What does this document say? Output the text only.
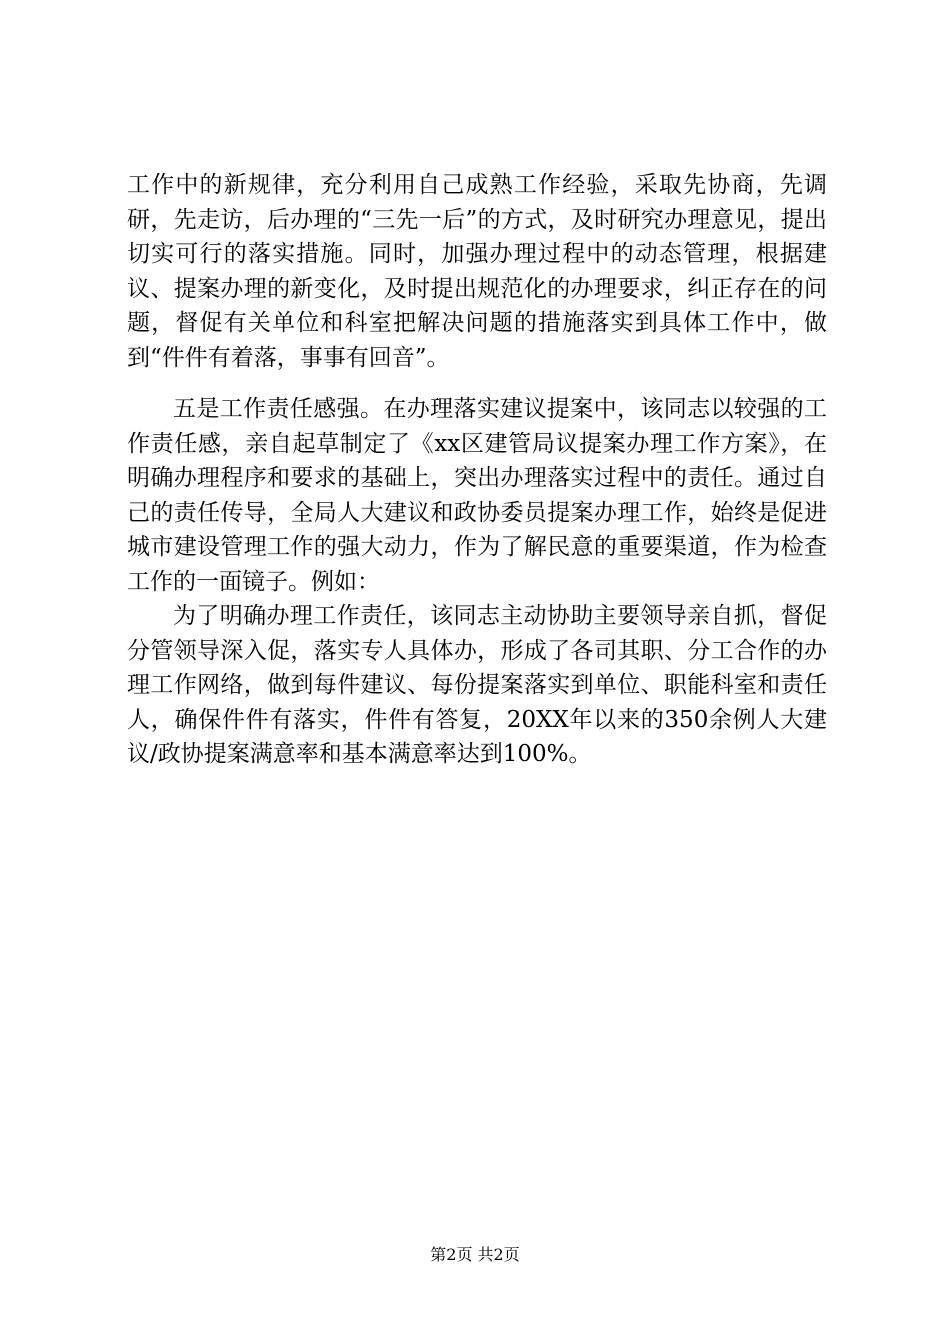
工作中的新规律，充分利用自己成熟工作经验，采取先协商，先调研，先走访，后办理的“三先一后”的方式，及时研究办理意见，提出切实可行的落实措施。同时，加强办理过程中的动态管理，根据建议、提案办理的新变化，及时提出规范化的办理要求，纠正存在的问题，督促有关单位和科室把解决问题的措施落实到具体工作中，做到“件件有着落，事事有回音”。

五是工作责任感强。在办理落实建议提案中，该同志以较强的工作责任感，亲自起草制定了《xx区建管局议提案办理工作方案》，在明确办理程序和要求的基础上，突出办理落实过程中的责任。通过自己的责任传导，全局人大建议和政协委员提案办理工作，始终是促进城市建设管理工作的强大动力，作为了解民意的重要渠道，作为检查工作的一面镜子。例如：

为了明确办理工作责任，该同志主动协助主要领导亲自抓，督促分管领导深入促，落实专人具体办，形成了各司其职、分工合作的办理工作网络，做到每件建议、每份提案落实到单位、职能科室和责任人，确保件件有落实，件件有答复，20XX年以来的350余例人大建议/政协提案满意率和基本满意率达到100%。

第2页 共2页
